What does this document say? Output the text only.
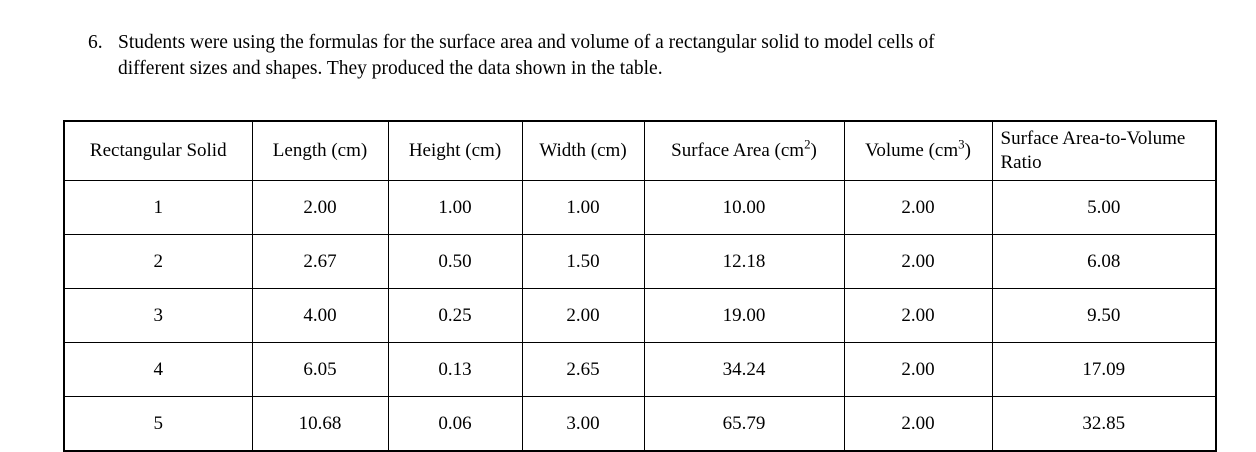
6. Students were using the formulas for the surface area and volume of a rectangular solid to model cells of
different sizes and shapes. They produced the data shown in the table.
Rectangular Solid	Length (cm)	Height (cm)	Width (cm)	Surface Area $(cm^2)$	Volume $(cm^3)$	Surface Area-to-Volume
Ratio
1	2.00	1.00	1.00	10.00	2.00	5.00
2	2.67	0.50	1.50	12.18	2.00	6.08
3	4.00	0.25	2.00	19.00	2.00	9.50
4	6.05	0.13	2.65	34.24	2.00	17.09
5	10.68	0.06	3.00	65.79	2.00	32.85
